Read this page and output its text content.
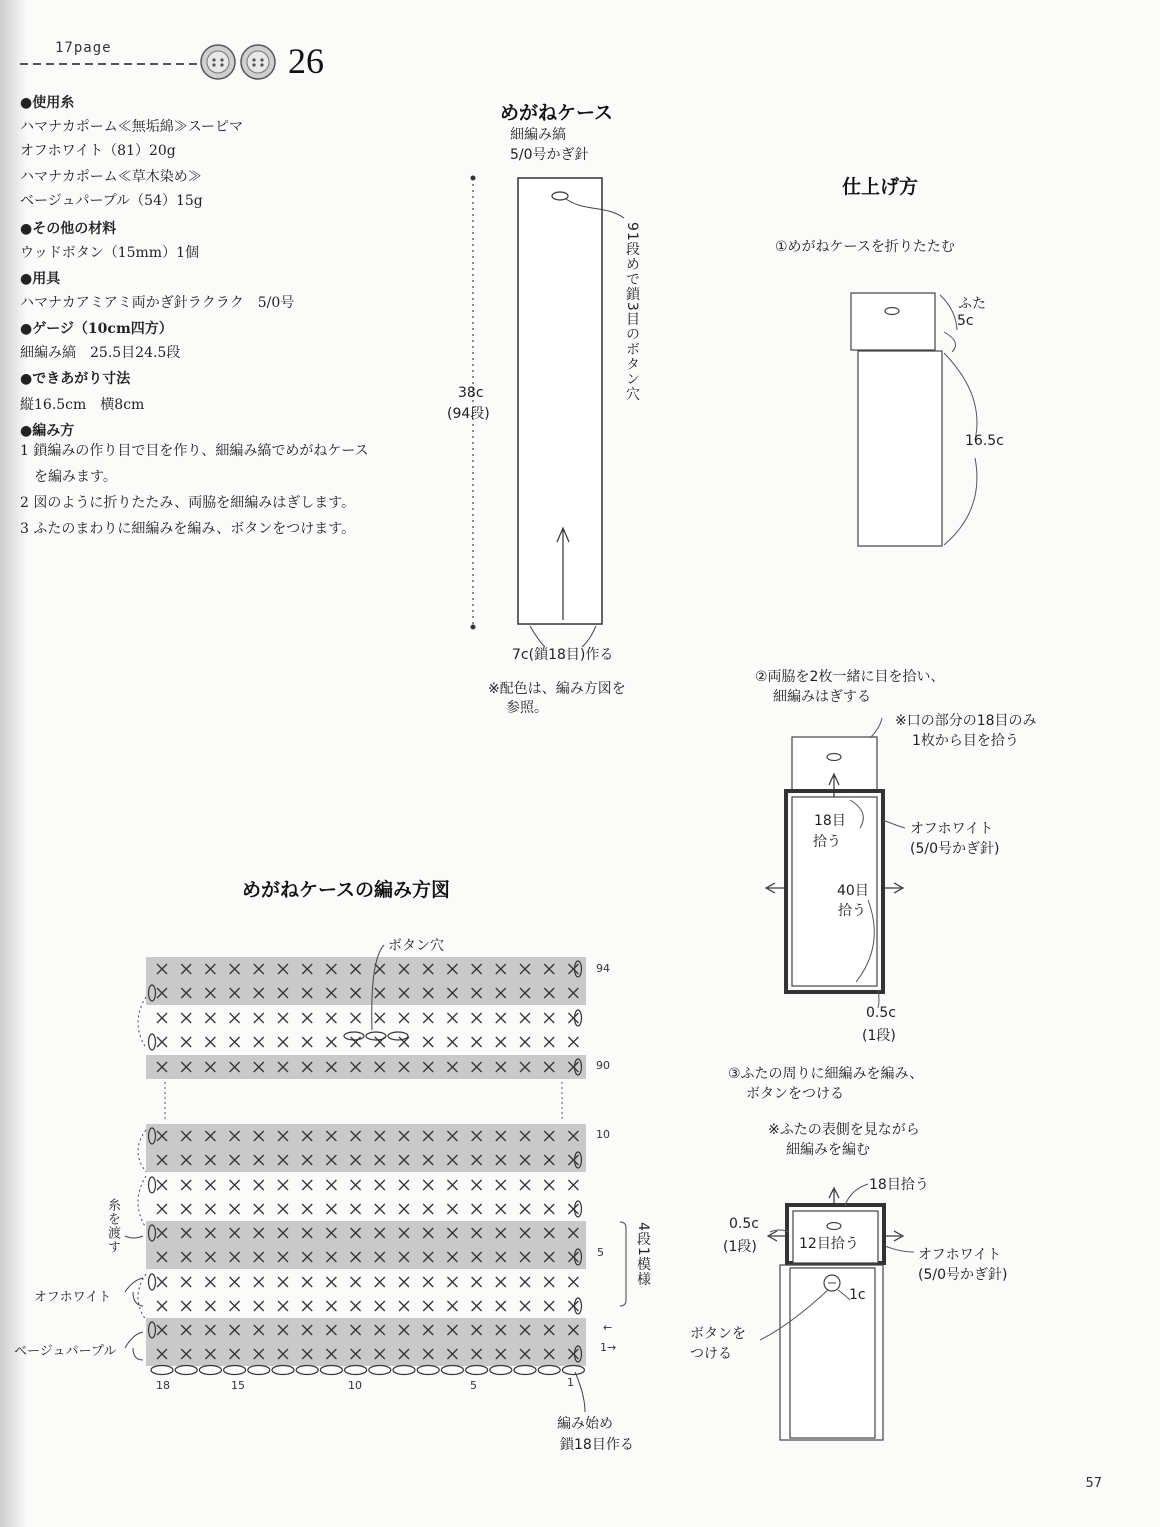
17page	26
●使用糸
ハマナカポーム≪無垢綿≫スーピマ
オフホワイト（81）20g
ハマナカポーム≪草木染め≫
ベージュパープル（54）15g
●その他の材料
ウッドボタン（15mm）1個
●用具
ハマナカアミアミ両かぎ針ラクラク　5/0号
●ゲージ（10cm四方）
細編み縞　25.5目24.5段
●できあがり寸法
縦16.5cm　横8cm
●編み方
1 鎖編みの作り目で目を作り、細編み縞でめがねケース
　を編みます。
2 図のように折りたたみ、両脇を細編みはぎします。
3 ふたのまわりに細編みを編み、ボタンをつけます。
めがねケース
細編み縞
5/0号かぎ針
91段めで鎖3目のボタン穴
38c
(94段)
7c(鎖18目)作る
※配色は、編み方図を
参照。
仕上げ方
①めがねケースを折りたたむ
ふた
5c
16.5c
②両脇を2枚一緒に目を拾い、
細編みはぎする
※口の部分の18目のみ
1枚から目を拾う
18目
拾う
オフホワイト
(5/0号かぎ針)
40目
拾う
0.5c
(1段)
③ふたの周りに細編みを編み、
ボタンをつける
※ふたの表側を見ながら
細編みを編む
18目拾う
0.5c
(1段)	12目拾う
オフホワイト
(5/0号かぎ針)
1c
ボタンを
つける
めがねケースの編み方図
ボタン穴
94
90
10
5
←
1→
18	15	10	5	1
糸を渡す
オフホワイト
ベージュパープル
4段1模様
編み始め
鎖18目作る
57
